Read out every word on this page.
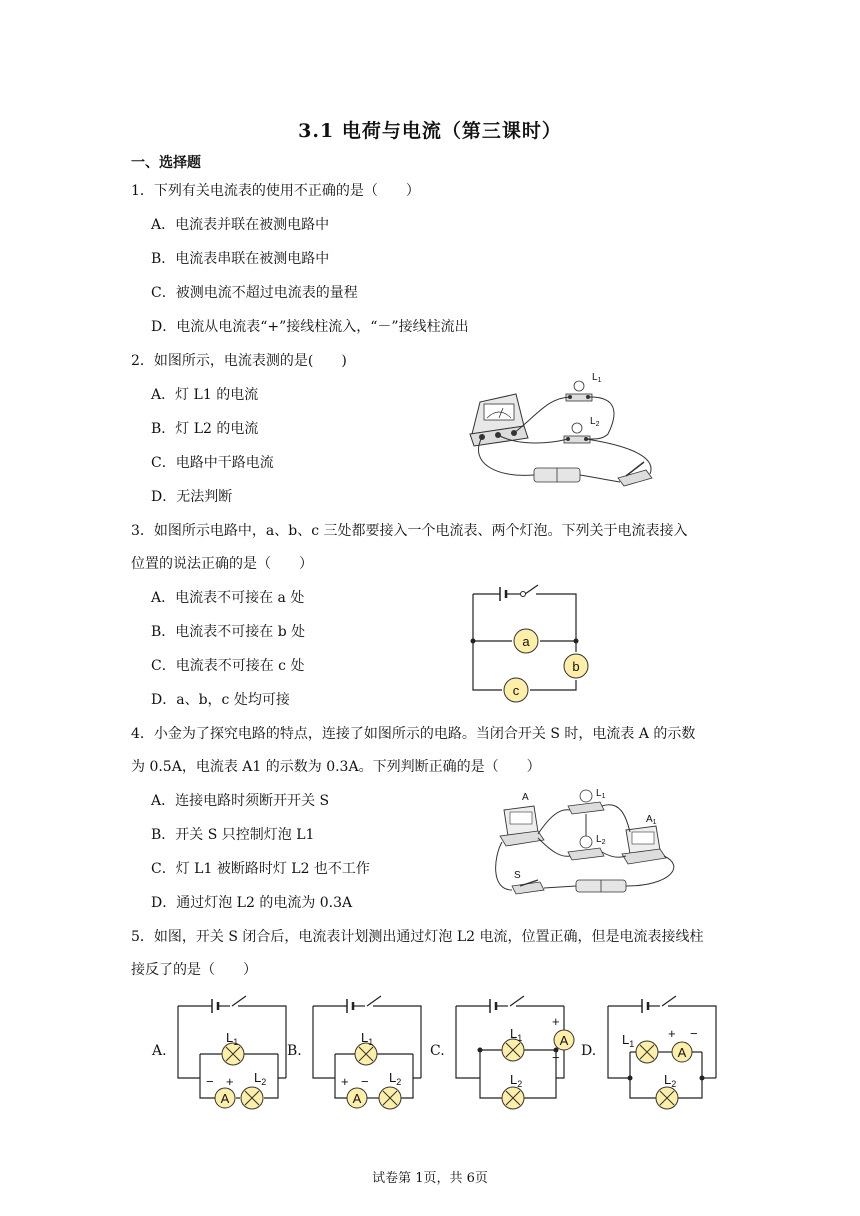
3.1 电荷与电流（第三课时）
一、选择题
1．下列有关电流表的使用不正确的是（　　）
A．电流表并联在被测电路中
B．电流表串联在被测电路中
C．被测电流不超过电流表的量程
D．电流从电流表“+”接线柱流入，“－”接线柱流出
2．如图所示，电流表测的是(　　)
A．灯 L1 的电流
B．灯 L2 的电流
C．电路中干路电流
D．无法判断
$L_1$
$L_2$
3．如图所示电路中，a、b、c 三处都要接入一个电流表、两个灯泡。下列关于电流表接入
位置的说法正确的是（　　）
A．电流表不可接在 a 处
B．电流表不可接在 b 处
C．电流表不可接在 c 处
D．a、b，c 处均可接
a
b
c
4．小金为了探究电路的特点，连接了如图所示的电路。当闭合开关 S 时，电流表 A 的示数
为 0.5A，电流表 A1 的示数为 0.3A。下列判断正确的是（　　）
A．连接电路时须断开开关 S
B．开关 S 只控制灯泡 L1
C．灯 L1 被断路时灯 L2 也不工作
D．通过灯泡 L2 的电流为 0.3A
A
$A_1$
$L_1$
$L_2$
S
5．如图，开关 S 闭合后，电流表计划测出通过灯泡 L2 电流，位置正确，但是电流表接线柱
接反了的是（　　）
A.	B.	C.	D.
A
$L_1$
$L_2$
− +
A
$L_1$
$L_2$
+ −
A
+
−
$L_1$
$L_2$
A
$L_1$
+ −
$L_2$
试卷第 1页，共 6页
